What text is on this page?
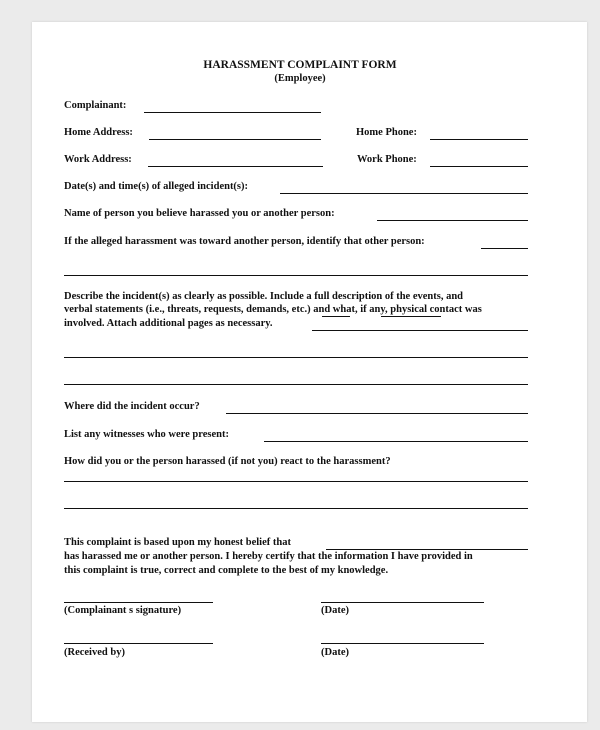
HARASSMENT COMPLAINT FORM
(Employee)
Complainant:
Home Address:	Home Phone:
Work Address:	Work Phone:
Date(s) and time(s) of alleged incident(s):
Name of person you believe harassed you or another person:
If the alleged harassment was toward another person, identify that other person:
Describe the incident(s) as clearly as possible. Include a full description of the events, and
verbal statements (i.e., threats, requests, demands, etc.) and what, if any, physical contact was
involved. Attach additional pages as necessary.
Where did the incident occur?
List any witnesses who were present:
How did you or the person harassed (if not you) react to the harassment?
This complaint is based upon my honest belief that
has harassed me or another person. I hereby certify that the information I have provided in
this complaint is true, correct and complete to the best of my knowledge.
(Complainant s signature)	(Date)
(Received by)	(Date)
